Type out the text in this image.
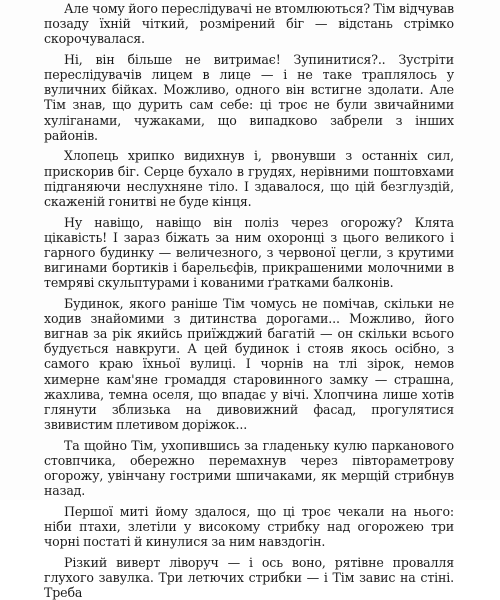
Але чому його переслідувачі не втомлюються? Тім відчував позаду їхній чіткий, розмірений біг — відстань стрімко скорочувалася.

Ні, він більше не витримає! Зупинитися?.. Зустріти переслідувачів лицем в лице — і не таке траплялось у вуличних бійках. Можливо, одного він встигне здолати. Але Тім знав, що дурить сам себе: ці троє не були звичайними хуліганами, чужаками, що випадково забрели з інших районів.

Хлопець хрипко видихнув і, рвонувши з останніх сил, прискорив біг. Серце бухало в грудях, нерівними поштовхами підганяючи неслухняне тіло. І здавалося, що цій безглуздій, скаженій гонитві не буде кінця.

Ну навіщо, навіщо він поліз через огорожу? Клята цікавість! І зараз біжать за ним охоронці з цього великого і гарного будинку — величезного, з червоної цегли, з крутими вигинами бортиків і барельєфів, прикрашеними молочними в темряві скульптурами і кованими ґратками балконів.

Будинок, якого раніше Тім чомусь не помічав, скільки не ходив знайомими з дитинства дорогами... Можливо, його вигнав за рік якийсь приїжджий багатій — он скільки всього будується навкруги. А цей будинок і стояв якось осібно, з самого краю їхньої вулиці. І чорнів на тлі зірок, немов химерне кам'яне громаддя старовинного замку — страшна, жахлива, темна оселя, що впадає у вічі. Хлопчина лише хотів глянути зблизька на дивовижний фасад, прогулятися звивистим плетивом доріжок...

Та щойно Тім, ухопившись за гладеньку кулю парканового стовпчика, обережно перемахнув через півтораметрову огорожу, увінчану гострими шпичаками, як мерщій стрибнув назад.

Першої миті йому здалося, що ці троє чекали на нього: ніби птахи, злетіли у високому стрибку над огорожею три чорні постаті й кинулися за ним навздогін.

Різкий виверт ліворуч — і ось воно, рятівне провалля глухого завулка. Три летючих стрибки — і Тім завис на стіні. Треба
